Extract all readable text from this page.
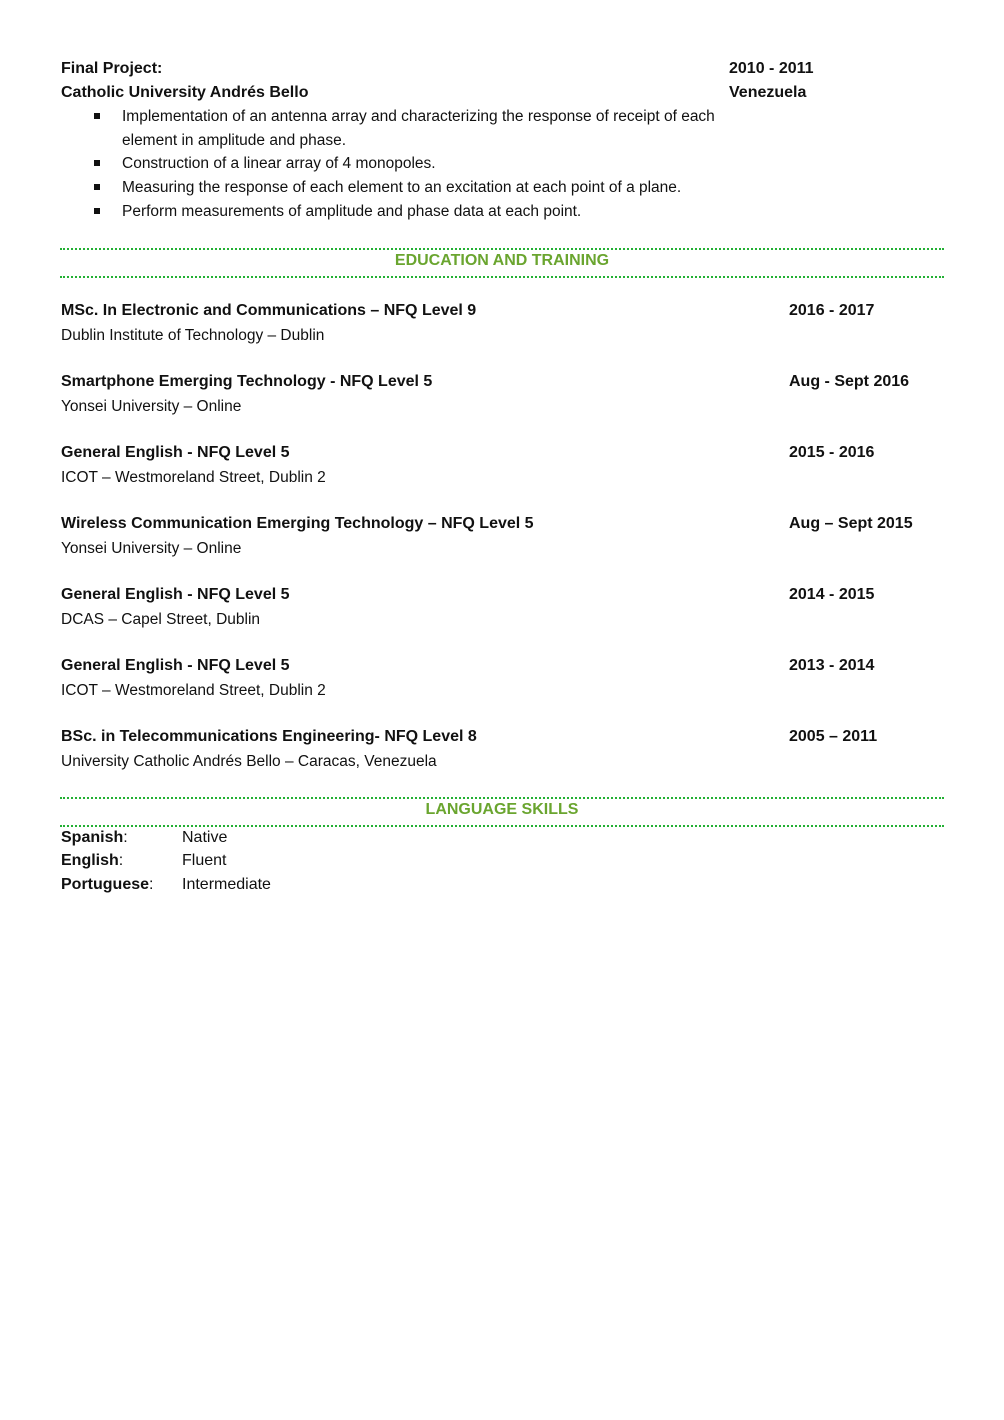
Final Project:	2010 - 2011
Catholic University Andrés Bello	Venezuela
Implementation of an antenna array and characterizing the response of receipt of each element in amplitude and phase.
Construction of a linear array of 4 monopoles.
Measuring the response of each element to an excitation at each point of a plane.
Perform measurements of amplitude and phase data at each point.
EDUCATION AND TRAINING
MSc. In Electronic and Communications – NFQ Level 9	2016 - 2017
Dublin Institute of Technology – Dublin
Smartphone Emerging Technology - NFQ Level 5	Aug - Sept 2016
Yonsei University – Online
General English - NFQ Level 5	2015 - 2016
ICOT – Westmoreland Street, Dublin 2
Wireless Communication Emerging Technology – NFQ Level 5	Aug – Sept 2015
Yonsei University – Online
General English - NFQ Level 5	2014 - 2015
DCAS – Capel Street, Dublin
General English - NFQ Level 5	2013 - 2014
ICOT – Westmoreland Street, Dublin 2
BSc. in Telecommunications Engineering- NFQ Level 8	2005 – 2011
University Catholic Andrés Bello – Caracas, Venezuela
LANGUAGE SKILLS
Spanish:	Native
English:	Fluent
Portuguese: Intermediate
